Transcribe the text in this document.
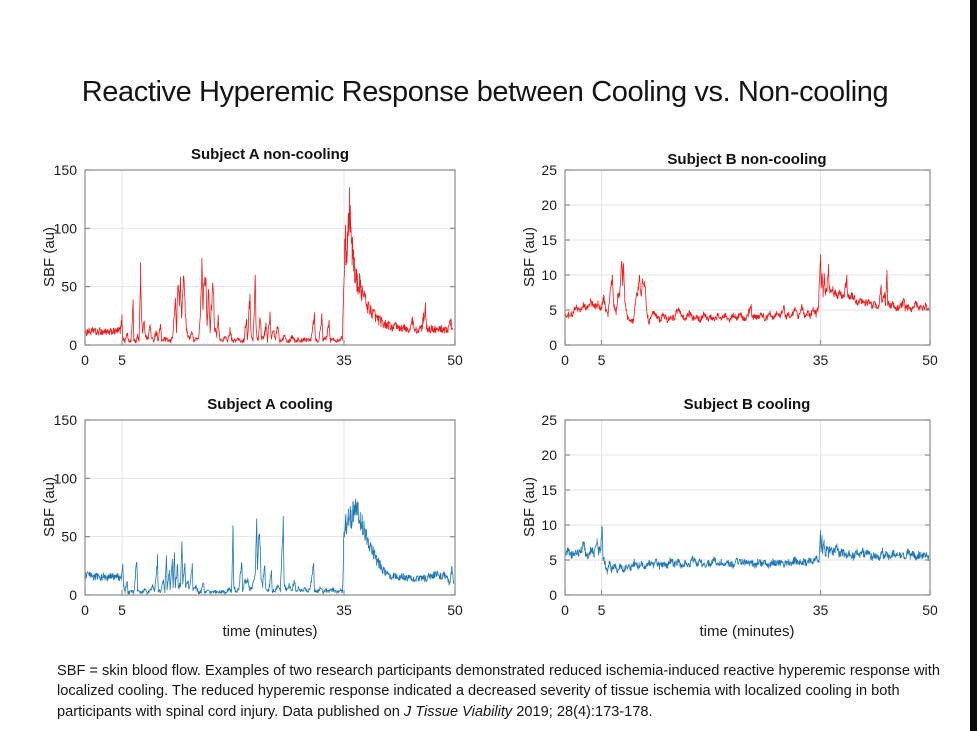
Reactive Hyperemic Response between Cooling vs. Non-cooling
Subject A non-cooling
SBF (au)
0 5	35	50
0
50
100
150
Subject B non-cooling
SBF (au)
0 5	35	50
0
5
10
15
20
25
Subject A cooling
SBF (au)
time (minutes)
0 5	35	50
0
50
100
150
Subject B cooling
SBF (au)
time (minutes)
0 5	35	50
0
5
10
15
20
25
SBF = skin blood flow. Examples of two research participants demonstrated reduced ischemia-induced reactive hyperemic response with localized cooling. The reduced hyperemic response indicated a decreased severity of tissue ischemia with localized cooling in both participants with spinal cord injury. Data published on J Tissue Viability 2019; 28(4):173-178.
